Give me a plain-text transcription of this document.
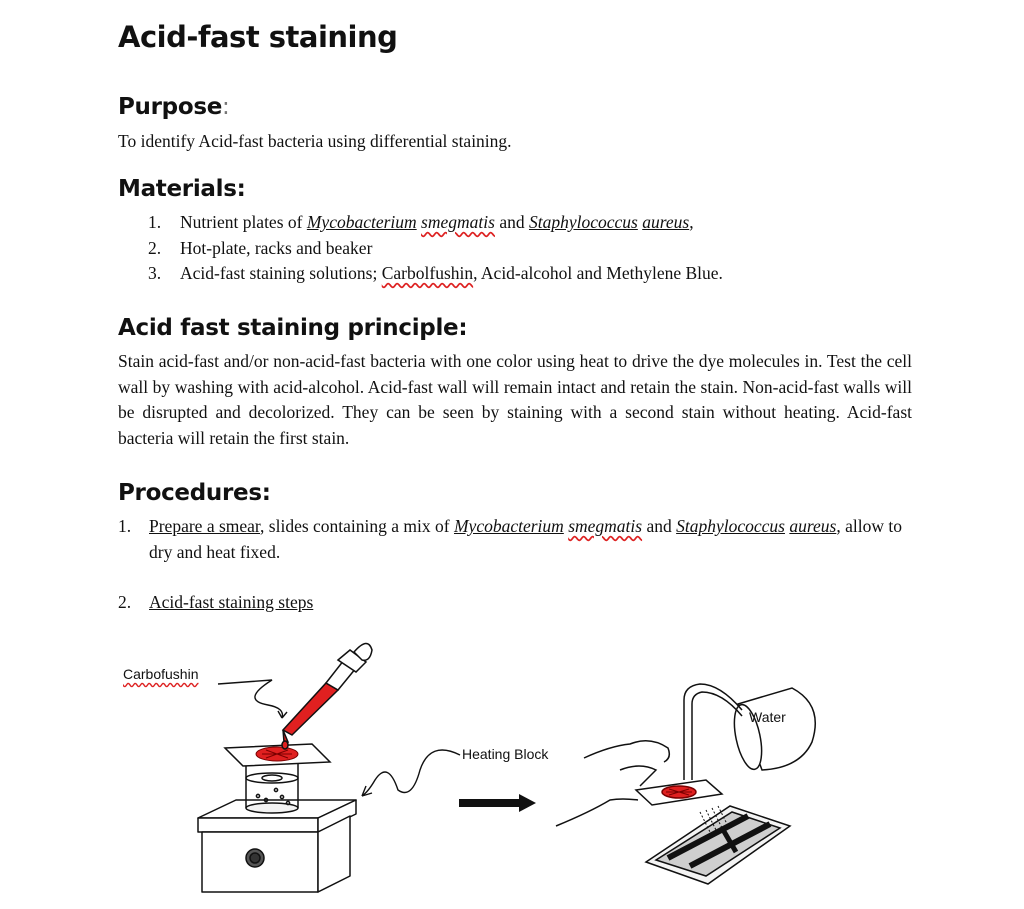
Acid-fast staining
Purpose:
To identify Acid-fast bacteria using differential staining.
Materials:
1. Nutrient plates of Mycobacterium smegmatis and Staphylococcus aureus,
2. Hot-plate, racks and beaker
3. Acid-fast staining solutions; Carbolfushin, Acid-alcohol and Methylene Blue.
Acid fast staining principle:
Stain acid-fast and/or non-acid-fast bacteria with one color using heat to drive the dye molecules in. Test the cell wall by washing with acid-alcohol. Acid-fast wall will remain intact and retain the stain. Non-acid-fast walls will be disrupted and decolorized. They can be seen by staining with a second stain without heating. Acid-fast bacteria will retain the first stain.
Procedures:
1. Prepare a smear, slides containing a mix of Mycobacterium smegmatis and Staphylococcus aureus, allow to dry and heat fixed.
2. Acid-fast staining steps
Carbofushin
Heating Block
Water
